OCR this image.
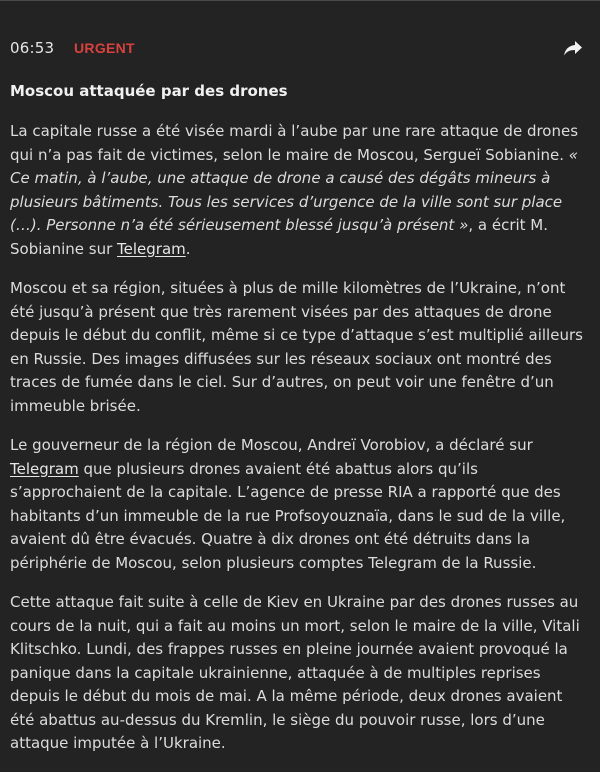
06:53 URGENT
Moscou attaquée par des drones

La capitale russe a été visée mardi à l’aube par une rare attaque de drones qui n’a pas fait de victimes, selon le maire de Moscou, Sergueï Sobianine. « Ce matin, à l’aube, une attaque de drone a causé des dégâts mineurs à plusieurs bâtiments. Tous les services d’urgence de la ville sont sur place (…). Personne n’a été sérieusement blessé jusqu’à présent », a écrit M. Sobianine sur Telegram.

Moscou et sa région, situées à plus de mille kilomètres de l’Ukraine, n’ont été jusqu’à présent que très rarement visées par des attaques de drone depuis le début du conflit, même si ce type d’attaque s’est multiplié ailleurs en Russie. Des images diffusées sur les réseaux sociaux ont montré des traces de fumée dans le ciel. Sur d’autres, on peut voir une fenêtre d’un immeuble brisée.

Le gouverneur de la région de Moscou, Andreï Vorobiov, a déclaré sur Telegram que plusieurs drones avaient été abattus alors qu’ils s’approchaient de la capitale. L’agence de presse RIA a rapporté que des habitants d’un immeuble de la rue Profsoyouznaïa, dans le sud de la ville, avaient dû être évacués. Quatre à dix drones ont été détruits dans la périphérie de Moscou, selon plusieurs comptes Telegram de la Russie.

Cette attaque fait suite à celle de Kiev en Ukraine par des drones russes au cours de la nuit, qui a fait au moins un mort, selon le maire de la ville, Vitali Klitschko. Lundi, des frappes russes en pleine journée avaient provoqué la panique dans la capitale ukrainienne, attaquée à de multiples reprises depuis le début du mois de mai. A la même période, deux drones avaient été abattus au-dessus du Kremlin, le siège du pouvoir russe, lors d’une attaque imputée à l’Ukraine.
